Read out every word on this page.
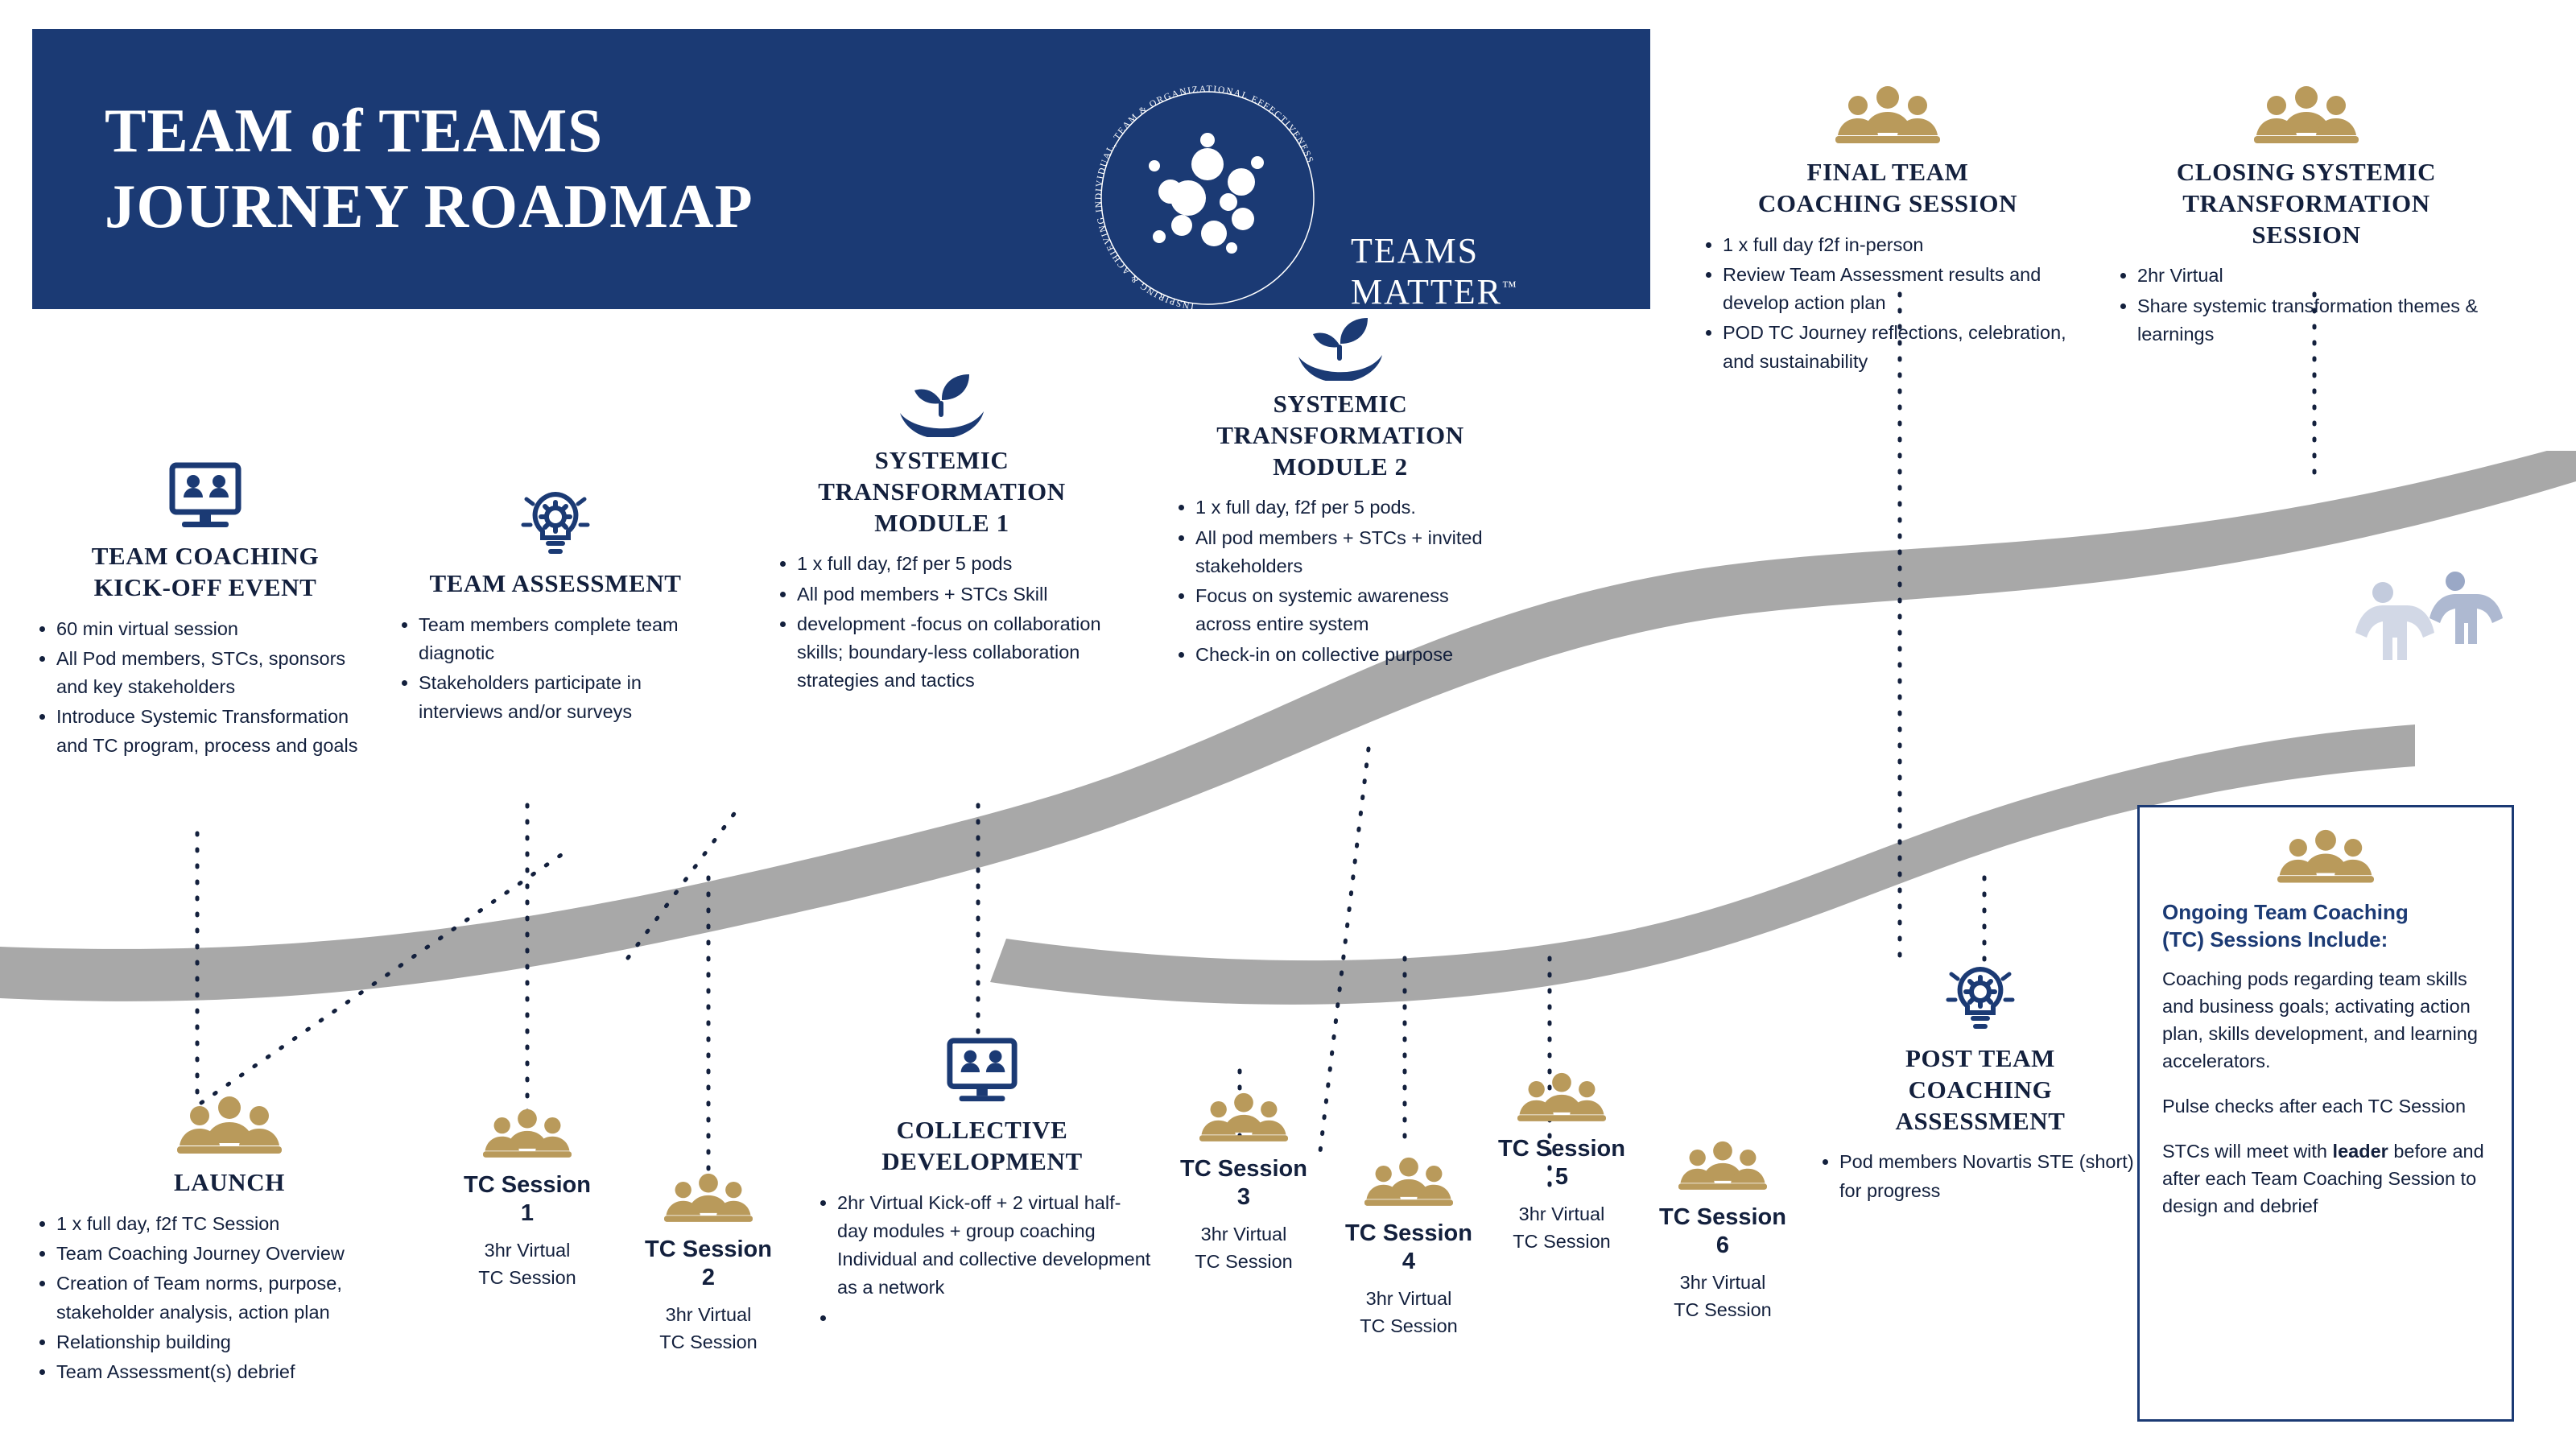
TEAM of TEAMS
JOURNEY ROADMAP
INSPIRING & ACHIEVING INDIVIDUAL, TEAM & ORGANIZATIONAL EFFECTIVENESS
TEAMS MATTER™
TEAM COACHING
KICK-OFF EVENT
• 60 min virtual session
• All Pod members, STCs, sponsors and key stakeholders
• Introduce Systemic Transformation and TC program, process and goals
TEAM ASSESSMENT
• Team members complete team diagnotic
• Stakeholders participate in interviews and/or surveys
SYSTEMIC
TRANSFORMATION
MODULE 1
• 1 x full day, f2f per 5 pods
• All pod members + STCs Skill
• development -focus on collaboration skills; boundary-less collaboration strategies and tactics
SYSTEMIC
TRANSFORMATION
MODULE 2
• 1 x full day, f2f per 5 pods.
• All pod members + STCs + invited stakeholders
• Focus on systemic awareness across entire system
• Check-in on collective purpose
FINAL TEAM
COACHING SESSION
• 1 x full day f2f in-person
• Review Team Assessment results and develop action plan
• POD TC Journey reflections, celebration, and sustainability
CLOSING SYSTEMIC
TRANSFORMATION
SESSION
• 2hr Virtual
• Share systemic transformation themes & learnings
LAUNCH
• 1 x full day, f2f TC Session
• Team Coaching Journey Overview
• Creation of Team norms, purpose, stakeholder analysis, action plan
• Relationship building
• Team Assessment(s) debrief
TC Session
1

3hr Virtual
TC Session

TC Session
2

3hr Virtual
TC Session

COLLECTIVE
DEVELOPMENT
• 2hr Virtual Kick-off + 2 virtual half-day modules + group coaching Individual and collective development as a network
•
TC Session
3

3hr Virtual
TC Session

TC Session
4

3hr Virtual
TC Session

TC Session
5

3hr Virtual
TC Session

TC Session
6

3hr Virtual
TC Session

POST TEAM
COACHING
ASSESSMENT
• Pod members Novartis STE (short) for progress
Ongoing Team Coaching
(TC) Sessions Include:

Coaching pods regarding team skills and business goals; activating action plan, skills development, and learning accelerators.

Pulse checks after each TC Session

STCs will meet with leader before and after each Team Coaching Session to design and debrief
